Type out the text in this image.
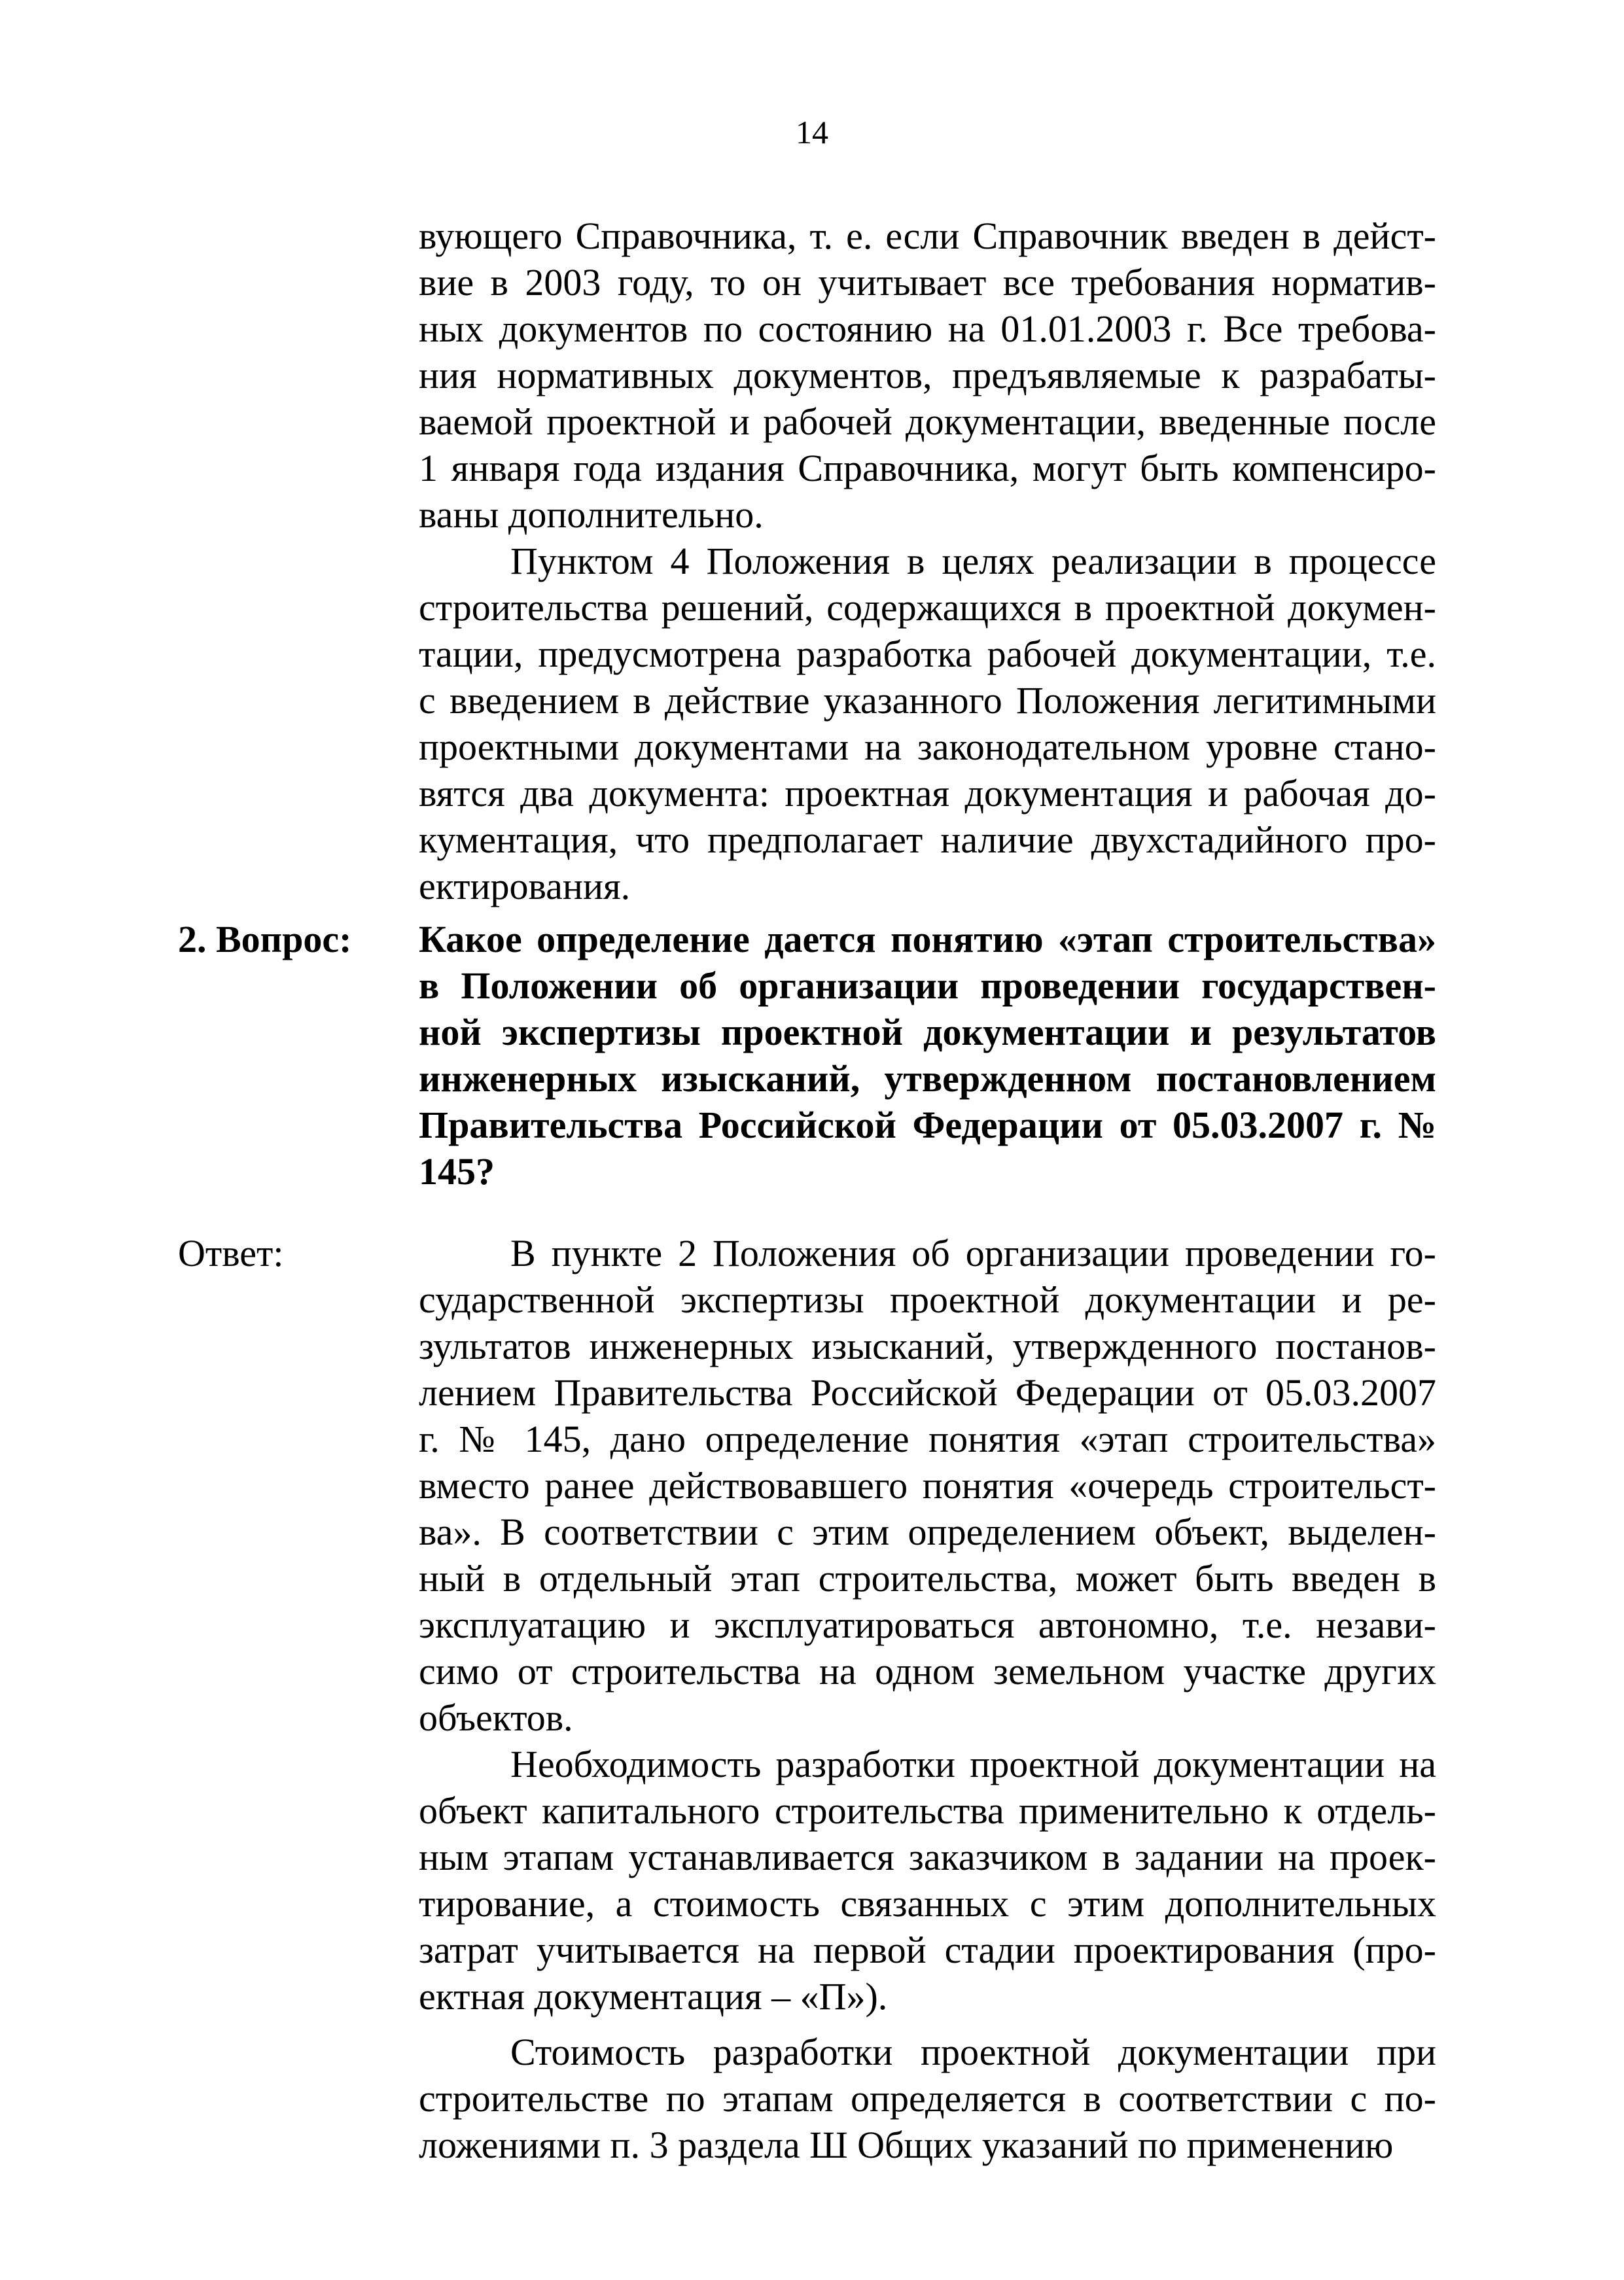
14

вующего Справочника, т. е. если Справочник введен в дейст-
вие в 2003 году, то он учитывает все требования норматив-
ных документов по состоянию на 01.01.2003 г. Все требова-
ния нормативных документов, предъявляемые к разрабаты-
ваемой проектной и рабочей документации, введенные после
1 января года издания Справочника, могут быть компенсиро-
ваны дополнительно.

Пунктом 4 Положения в целях реализации в процессе
строительства решений, содержащихся в проектной докумен-
тации, предусмотрена разработка рабочей документации, т.е.
с введением в действие указанного Положения легитимными
проектными документами на законодательном уровне стано-
вятся два документа: проектная документация и рабочая до-
кументация, что предполагает наличие двухстадийного про-
ектирования.

2. Вопрос: Какое определение дается понятию «этап строительства»
в Положении об организации проведении государствен-
ной экспертизы проектной документации и результатов
инженерных изысканий, утвержденном постановлением
Правительства Российской Федерации от 05.03.2007 г. №
145?
Ответ:	В пункте 2 Положения об организации проведении го-
сударственной экспертизы проектной документации и ре-
зультатов инженерных изысканий, утвержденного постанов-
лением Правительства Российской Федерации от 05.03.2007
г. № 145, дано определение понятия «этап строительства»
вместо ранее действовавшего понятия «очередь строительст-
ва». В соответствии с этим определением объект, выделен-
ный в отдельный этап строительства, может быть введен в
эксплуатацию и эксплуатироваться автономно, т.е. незави-
симо от строительства на одном земельном участке других
объектов.

Необходимость разработки проектной документации на
объект капитального строительства применительно к отдель-
ным этапам устанавливается заказчиком в задании на проек-
тирование, а стоимость связанных с этим дополнительных
затрат учитывается на первой стадии проектирования (про-
ектная документация – «П»).

Стоимость разработки проектной документации при
строительстве по этапам определяется в соответствии с по-
ложениями п. 3 раздела Ш Общих указаний по применению
